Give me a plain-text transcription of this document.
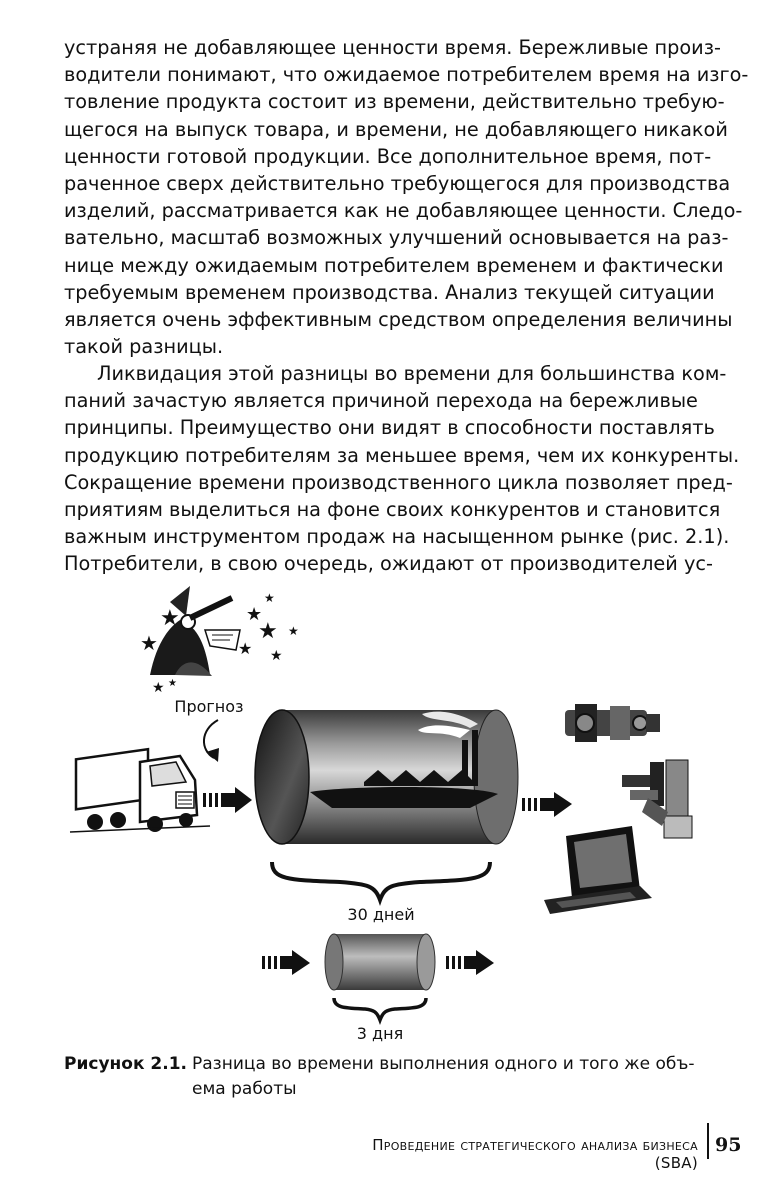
устраняя не добавляющее ценности время. Бережливые произ-
водители понимают, что ожидаемое потребителем время на изго-
товление продукта состоит из времени, действительно требую-
щегося на выпуск товара, и времени, не добавляющего никакой
ценности готовой продукции. Все дополнительное время, пот-
раченное сверх действительно требующегося для производства
изделий, рассматривается как не добавляющее ценности. Следо-
вательно, масштаб возможных улучшений основывается на раз-
нице между ожидаемым потребителем временем и фактически
требуемым временем производства. Анализ текущей ситуации
является очень эффективным средством определения величины
такой разницы.
Ликвидация этой разницы во времени для большинства ком-
паний зачастую является причиной перехода на бережливые
принципы. Преимущество они видят в способности поставлять
продукцию потребителям за меньшее время, чем их конкуренты.
Сокращение времени производственного цикла позволяет пред-
приятиям выделиться на фоне своих конкурентов и становится
важным инструментом продаж на насыщенном рынке (рис. 2.1).
Потребители, в свою очередь, ожидают от производителей ус-
★
★
★
★
★ ★
★
★
★ ★
Прогноз
30 дней
3 дня
Рисунок 2.1. Разница во времени выполнения одного и того же объ-
ема работы
Проведение стратегического анализа бизнеса (SBA)
95
